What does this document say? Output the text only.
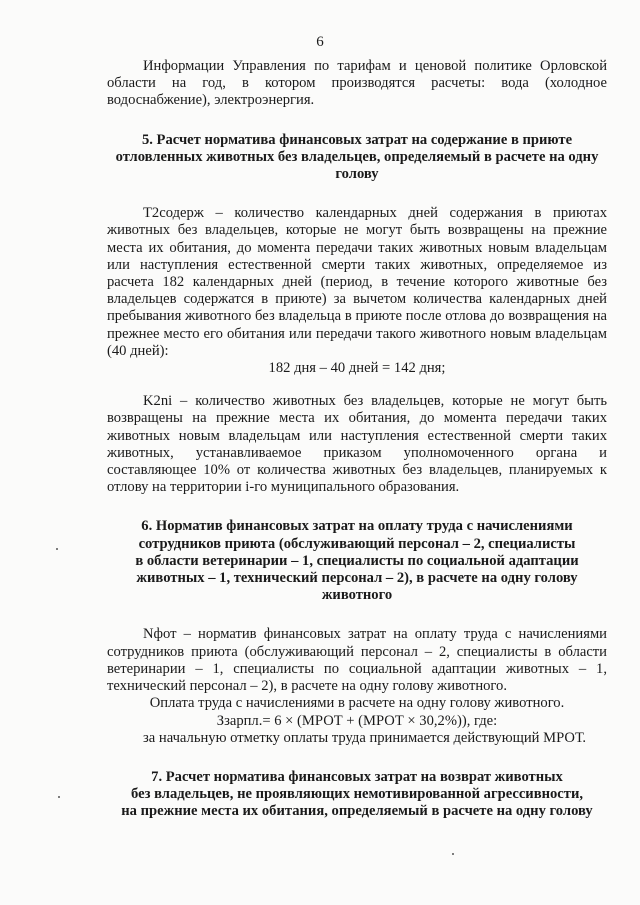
6

Информации Управления по тарифам и ценовой политике Орловской области на год, в котором производятся расчеты: вода (холодное водоснабжение), электроэнергия.

5. Расчет норматива финансовых затрат на содержание в приюте отловленных животных без владельцев, определяемый в расчете на одну голову

T2содерж – количество календарных дней содержания в приютах животных без владельцев, которые не могут быть возвращены на прежние места их обитания, до момента передачи таких животных новым владельцам или наступления естественной смерти таких животных, определяемое из расчета 182 календарных дней (период, в течение которого животные без владельцев содержатся в приюте) за вычетом количества календарных дней пребывания животного без владельца в приюте после отлова до возвращения на прежнее место его обитания или передачи такого животного новым владельцам (40 дней):

182 дня – 40 дней = 142 дня;

K2ni – количество животных без владельцев, которые не могут быть возвращены на прежние места их обитания, до момента передачи таких животных новым владельцам или наступления естественной смерти таких животных, устанавливаемое приказом уполномоченного органа и составляющее 10% от количества животных без владельцев, планируемых к отлову на территории i-го муниципального образования.

6. Норматив финансовых затрат на оплату труда с начислениями
сотрудников приюта (обслуживающий персонал – 2, специалисты
в области ветеринарии – 1, специалисты по социальной адаптации
животных – 1, технический персонал – 2), в расчете на одну голову
животного

Nфот – норматив финансовых затрат на оплату труда с начислениями сотрудников приюта (обслуживающий персонал – 2, специалисты в области ветеринарии – 1, специалисты по социальной адаптации животных – 1, технический персонал – 2), в расчете на одну голову животного.

Оплата труда с начислениями в расчете на одну голову животного.

Ззарпл.= 6 × (МРОТ + (МРОТ × 30,2%)), где:

за начальную отметку оплаты труда принимается действующий МРОТ.

7. Расчет норматива финансовых затрат на возврат животных
без владельцев, не проявляющих немотивированной агрессивности,
на прежние места их обитания, определяемый в расчете на одну голову
